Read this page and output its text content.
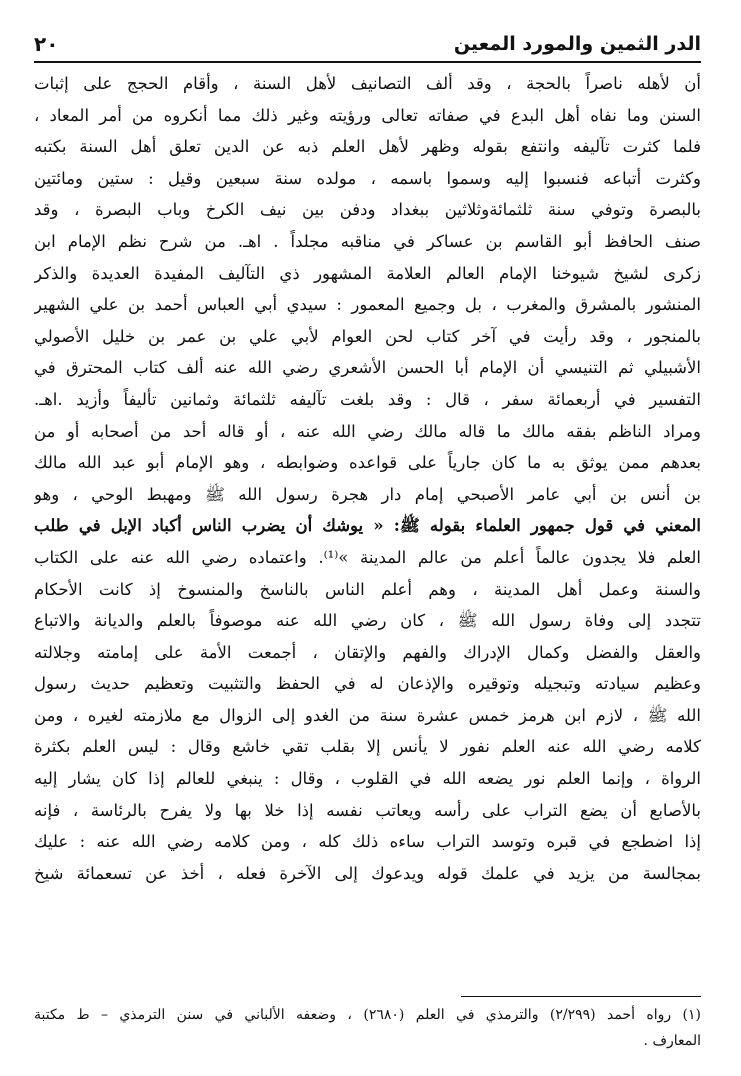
الدر الثمين والمورد المعين
٢٠
أن لأهله ناصراً بالحجة ، وقد ألف التصانيف لأهل السنة ، وأقام الحجج على إثبات
السنن وما نفاه أهل البدع في صفاته تعالى ورؤيته وغير ذلك مما أنكروه من أمر المعاد ،
فلما كثرت تآليفه وانتفع بقوله وظهر لأهل العلم ذبه عن الدين تعلق أهل السنة بكتبه
وكثرت أتباعه فنسبوا إليه وسموا باسمه ، مولده سنة سبعين وقيل : ستين ومائتين
بالبصرة وتوفي سنة ثلثمائةوثلاثين ببغداد ودفن بين نيف الكرخ وباب البصرة ، وقد
صنف الحافظ أبو القاسم بن عساكر في مناقبه مجلداً . اهـ. من شرح نظم الإمام ابن
زكرى لشيخ شيوخنا الإمام العالم العلامة المشهور ذي التآليف المفيدة العديدة والذكر
المنشور بالمشرق والمغرب ، بل وجميع المعمور : سيدي أبي العباس أحمد بن علي الشهير
بالمنجور ، وقد رأيت في آخر كتاب لحن العوام لأبي علي بن عمر بن خليل الأصولي
الأشبيلي ثم التنيسي أن الإمام أبا الحسن الأشعري رضي الله عنه ألف كتاب المحترق في
التفسير في أربعمائة سفر ، قال : وقد بلغت تآليفه ثلثمائة وثمانين تأليفاً وأزيد .اهـ.
ومراد الناظم بفقه مالك ما قاله مالك رضي الله عنه ، أو قاله أحد من أصحابه أو من
بعدهم ممن يوثق به ما كان جارياً على قواعده وضوابطه ، وهو الإمام أبو عبد الله مالك
بن أنس بن أبي عامر الأصبحي إمام دار هجرة رسول الله ﷺ ومهبط الوحي ، وهو
المعني في قول جمهور العلماء بقوله ﷺ: « يوشك أن يضرب الناس أكباد الإبل في طلب
العلم فلا يجدون عالماً أعلم من عالم المدينة »⁽¹⁾. واعتماده رضي الله عنه على الكتاب
والسنة وعمل أهل المدينة ، وهم أعلم الناس بالناسخ والمنسوخ إذ كانت الأحكام
تتجدد إلى وفاة رسول الله ﷺ ، كان رضي الله عنه موصوفاً بالعلم والديانة والاتباع
والعقل والفضل وكمال الإدراك والفهم والإتقان ، أجمعت الأمة على إمامته وجلالته
وعظيم سيادته وتبجيله وتوقيره والإذعان له في الحفظ والتثبيت وتعظيم حديث رسول
الله ﷺ ، لازم ابن هرمز خمس عشرة سنة من الغدو إلى الزوال مع ملازمته لغيره ، ومن
كلامه رضي الله عنه العلم نفور لا يأنس إلا بقلب تقي خاشع وقال : ليس العلم بكثرة
الرواة ، وإنما العلم نور يضعه الله في القلوب ، وقال : ينبغي للعالم إذا كان يشار إليه
بالأصابع أن يضع التراب على رأسه ويعاتب نفسه إذا خلا بها ولا يفرح بالرئاسة ، فإنه
إذا اضطجع في قبره وتوسد التراب ساءه ذلك كله ، ومن كلامه رضي الله عنه : عليك
بمجالسة من يزيد في علمك قوله ويدعوك إلى الآخرة فعله ، أخذ عن تسعمائة شيخ
(١) رواه أحمد (٢/٢٩٩) والترمذي في العلم (٢٦٨٠) ، وضعفه الألباني في سنن الترمذي – ط مكتبة
المعارف .
